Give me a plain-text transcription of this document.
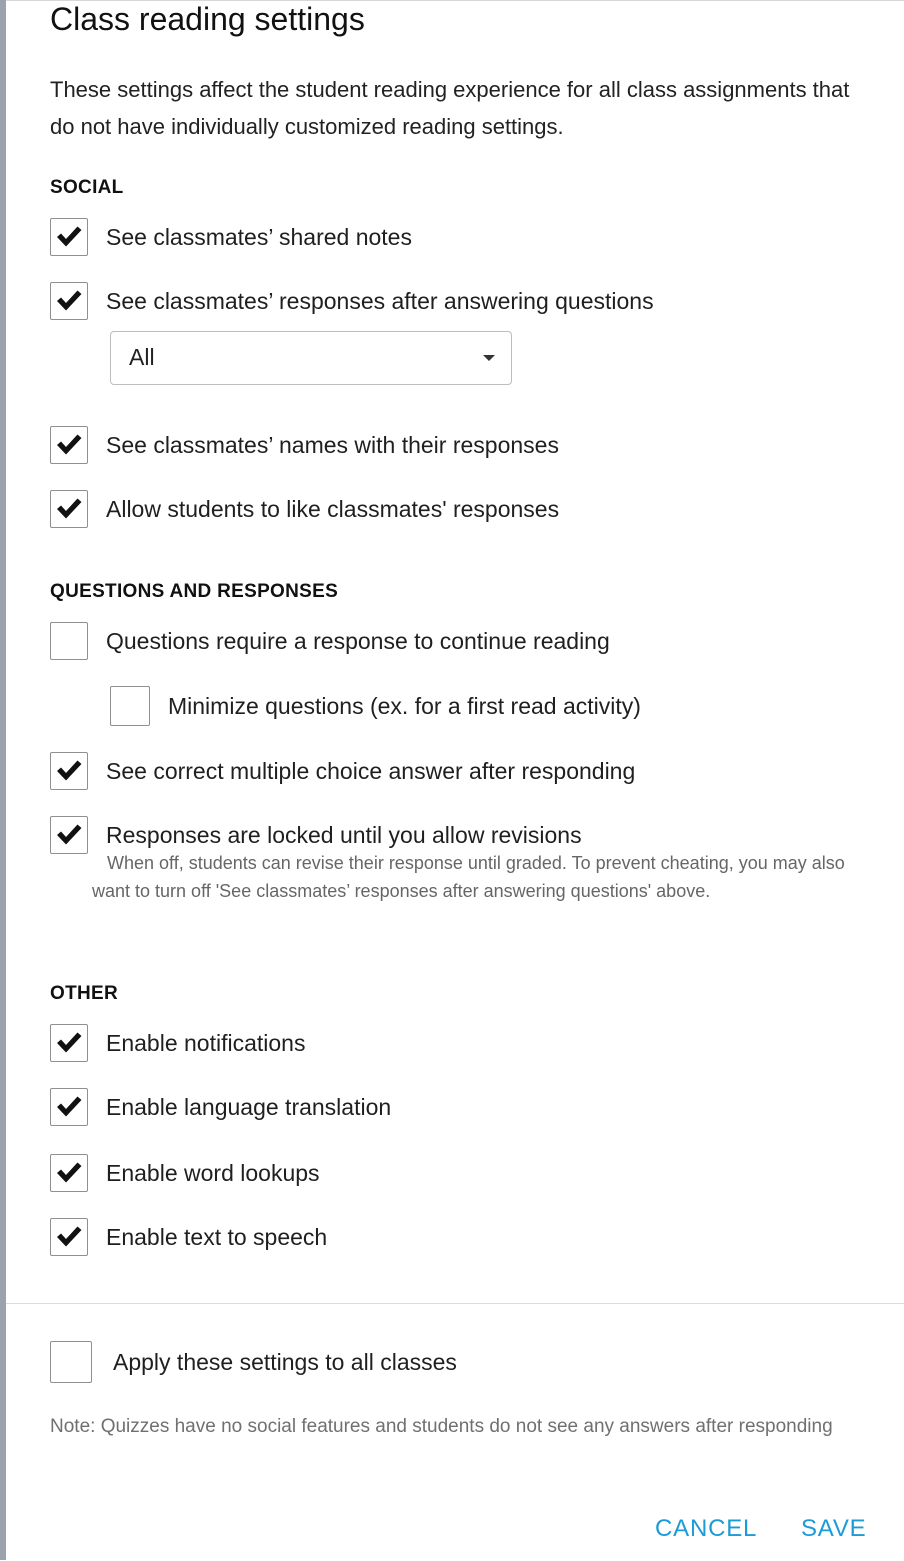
Class reading settings

These settings affect the student reading experience for all class assignments that do not have individually customized reading settings.

SOCIAL
See classmates’ shared notes
See classmates’ responses after answering questions
All
See classmates’ names with their responses
Allow students to like classmates' responses
QUESTIONS AND RESPONSES
Questions require a response to continue reading
Minimize questions (ex. for a first read activity)
See correct multiple choice answer after responding
Responses are locked until you allow revisions

When off, students can revise their response until graded. To prevent cheating, you may also want to turn off 'See classmates’ responses after answering questions' above.

OTHER
Enable notifications
Enable language translation
Enable word lookups
Enable text to speech
Apply these settings to all classes

Note: Quizzes have no social features and students do not see any answers after responding

CANCEL SAVE
